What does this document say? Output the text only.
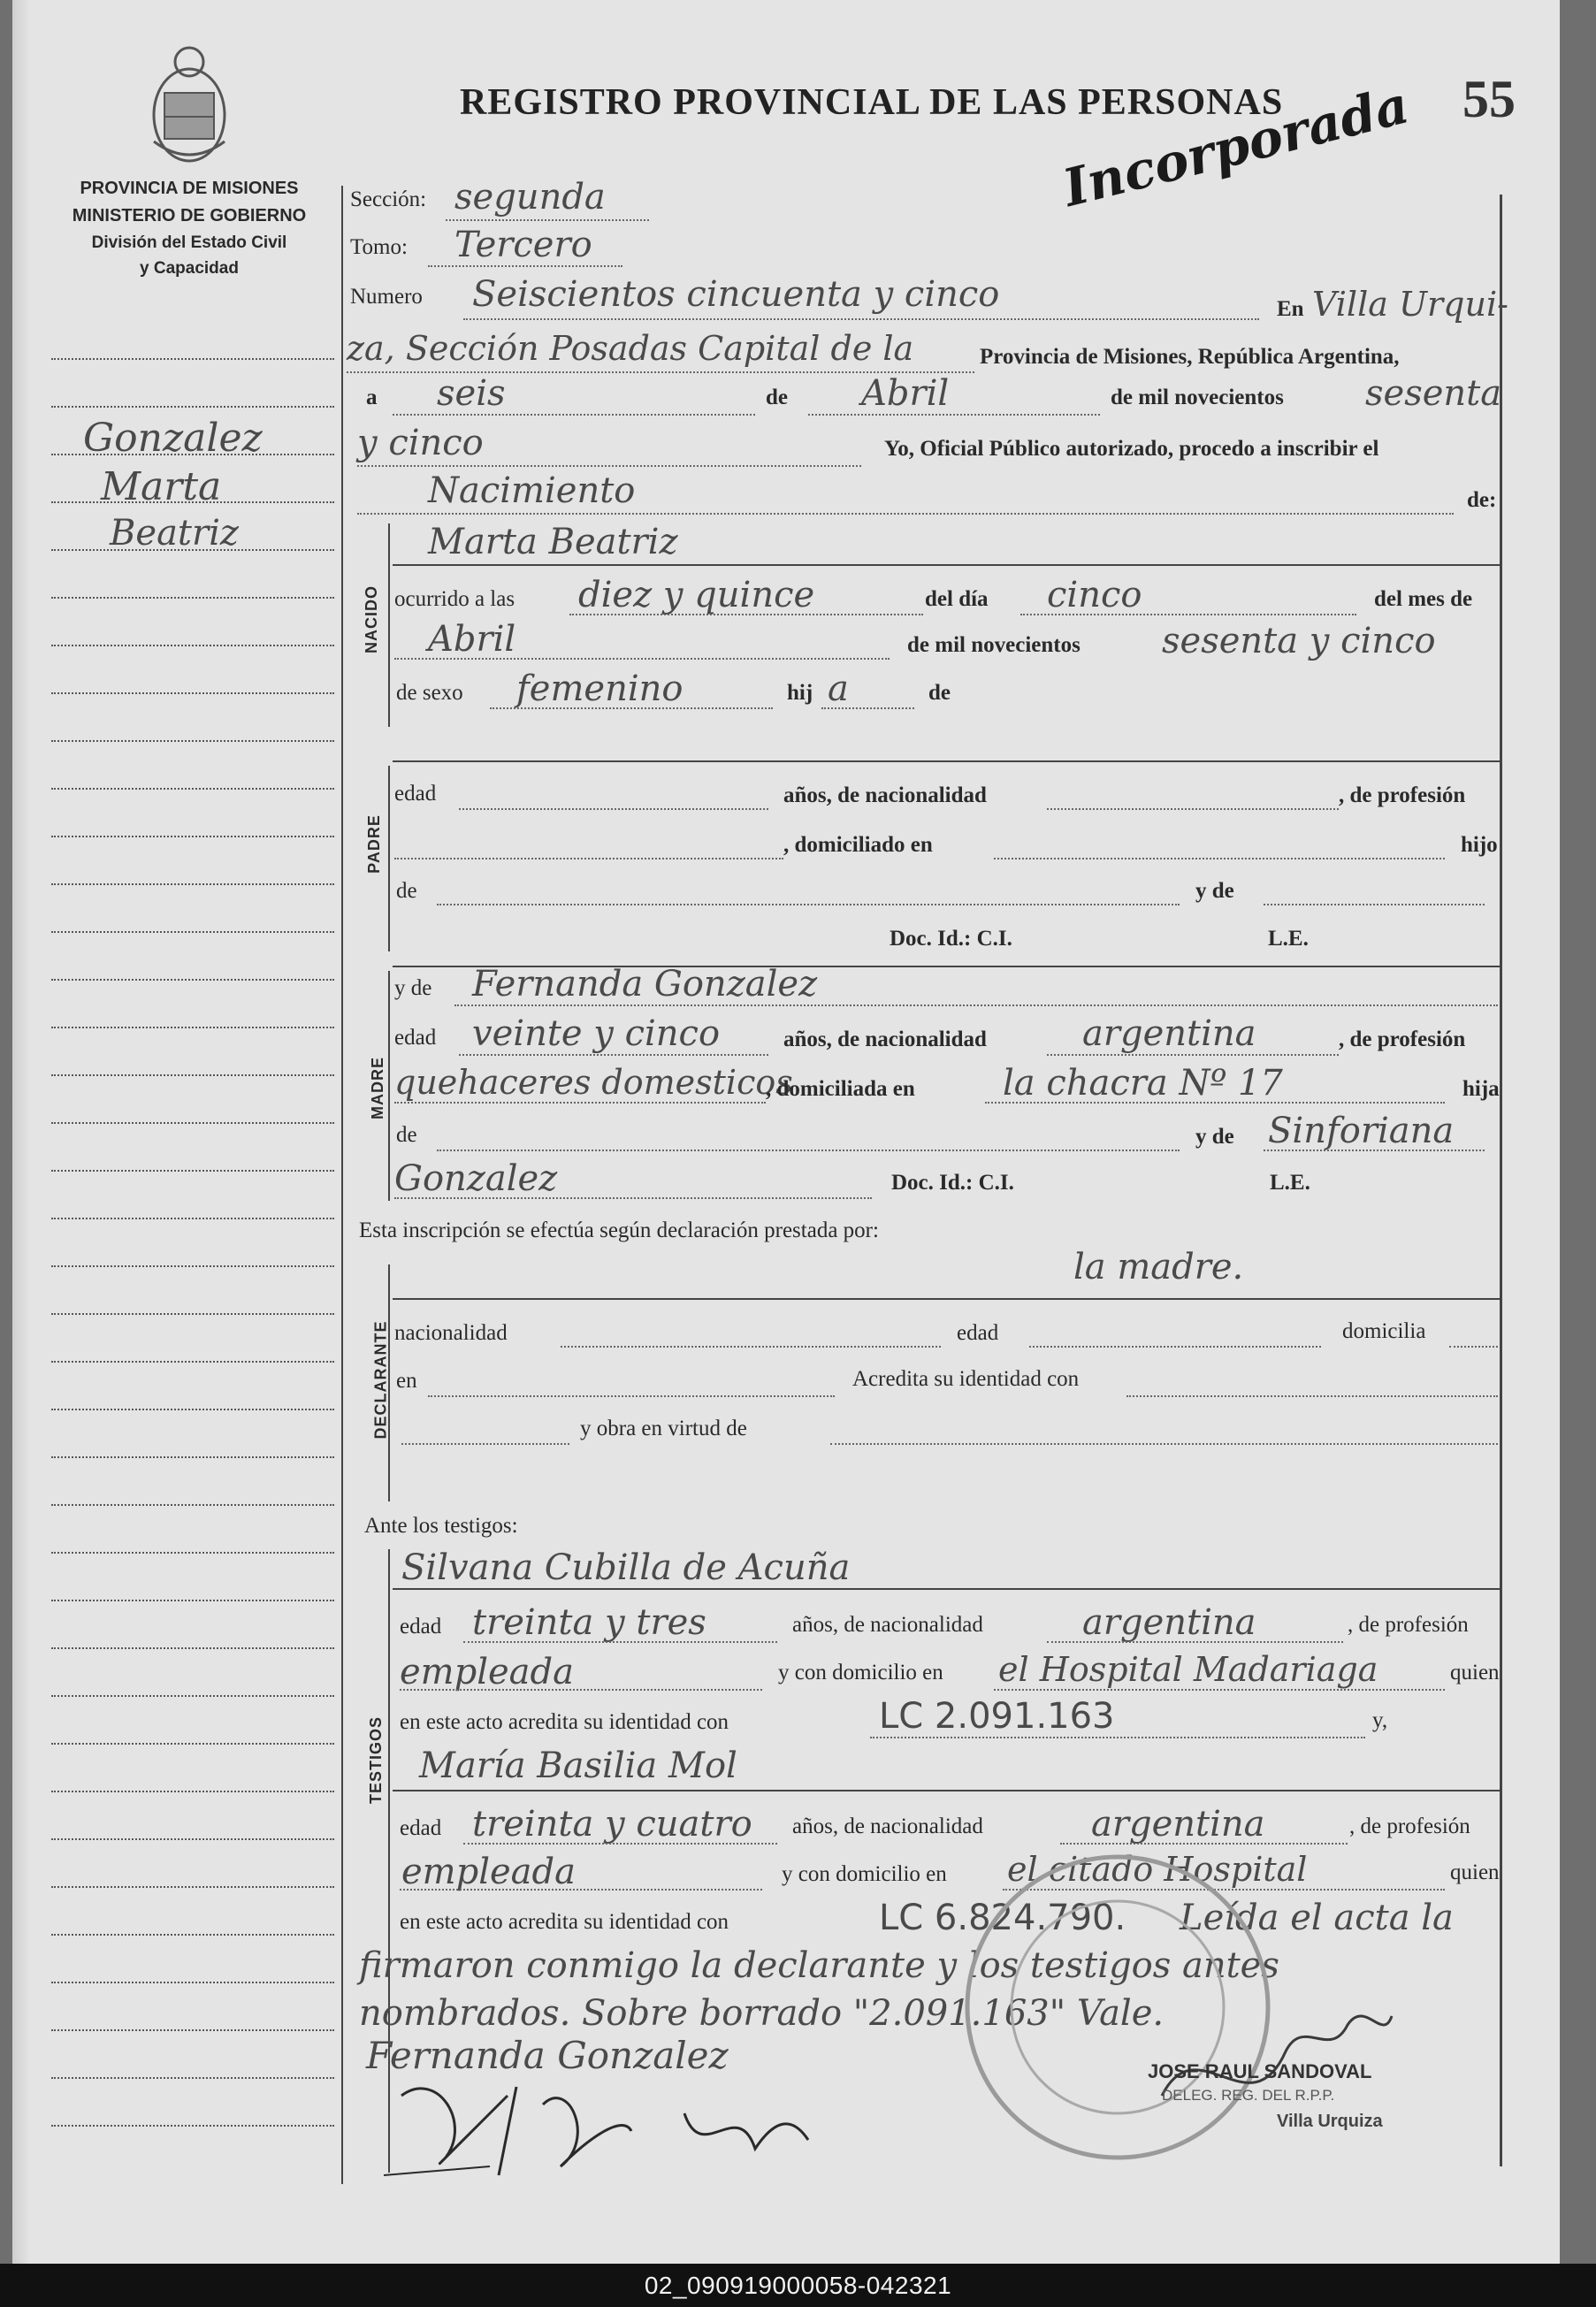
REGISTRO PROVINCIAL DE LAS PERSONAS	55
Incorporada
PROVINCIA DE MISIONES
MINISTERIO DE GOBIERNO
División del Estado Civil
y Capacidad
Gonzalez
Marta
Beatriz
Sección: segunda
Tomo: Tercero
Numero Seiscientos cincuenta y cinco	En Villa Urqui-
za, Sección Posadas Capital de la	Provincia de Misiones, República Argentina,
a seis	de Abril	de mil novecientos sesenta
y cinco	Yo, Oficial Público autorizado, procedo a inscribir el
Nacimiento	de:
Marta Beatriz
NACIDO ocurrido a las diez y quince	del día cinco	del mes de
Abril	de mil novecientos sesenta y cinco
de sexo femenino	hij a	de
PADRE
edad	años, de nacionalidad	, de profesión
, domiciliado en	hijo
de	y de
Doc. Id.: C.I.	L.E.
MADRE
y de Fernanda Gonzalez
edad veinte y cinco	años, de nacionalidad	argentina	, de profesión
quehaceres domesticos
, domiciliada en la chacra Nº 17	hija
de	y de Sinforiana
Gonzalez	Doc. Id.: C.I.	L.E.
Esta inscripción se efectúa según declaración prestada por:
la madre.
DECLARANTE nacionalidad	edad	domicilia
en	Acredita su identidad con
y obra en virtud de
Ante los testigos:
TESTIGOS
Silvana Cubilla de Acuña
edad treinta y tres	años, de nacionalidad	argentina	, de profesión
empleada	y con domicilio en el Hospital Madariaga	quien
en este acto acredita su identidad con	LC 2.091.163	y,
María Basilia Mol
edad treinta y cuatro años, de nacionalidad	argentina	, de profesión
empleada	y con domicilio en el citado Hospital	quien
en este acto acredita su identidad con	LC 6.824.790. Leída el acta la
firmaron conmigo la declarante y los testigos antes
nombrados. Sobre borrado "2.091.163" Vale.
Fernanda Gonzalez	JOSE RAUL SANDOVAL
DELEG. REG. DEL R.P.P.
Villa Urquiza
02_090919000058-042321
